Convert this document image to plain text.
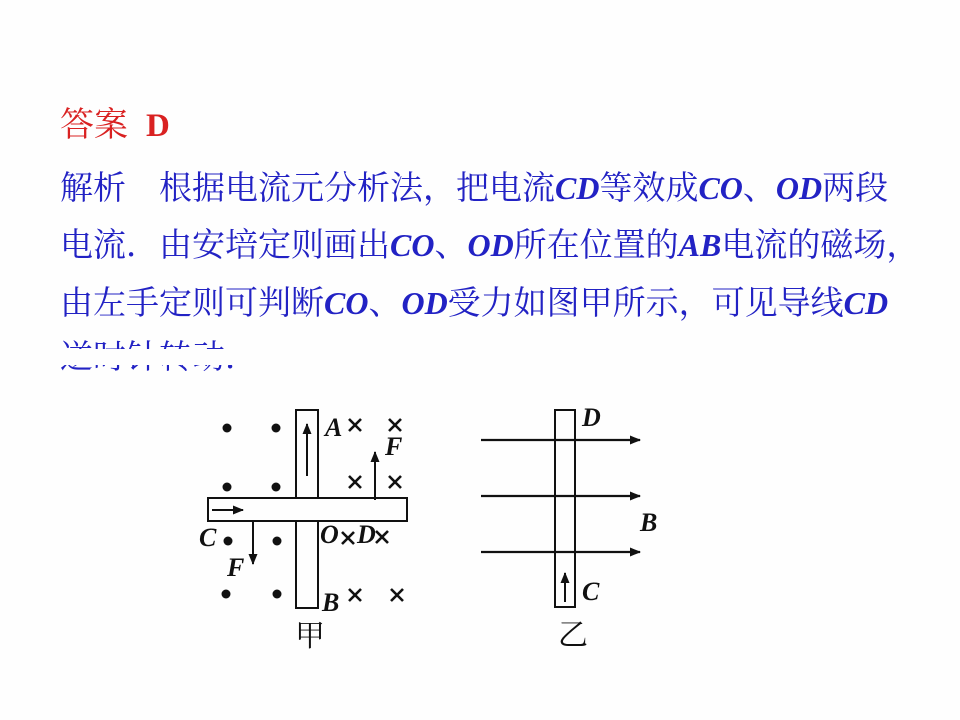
答案 D
解析　根据电流元分析法，把电流CD等效成CO、OD两段
电流．由安培定则画出CO、OD所在位置的AB电流的磁场，
由左手定则可判断CO、OD受力如图甲所示，可见导线CD
A
F
C	O D
F
B
甲
D
B
C
乙
